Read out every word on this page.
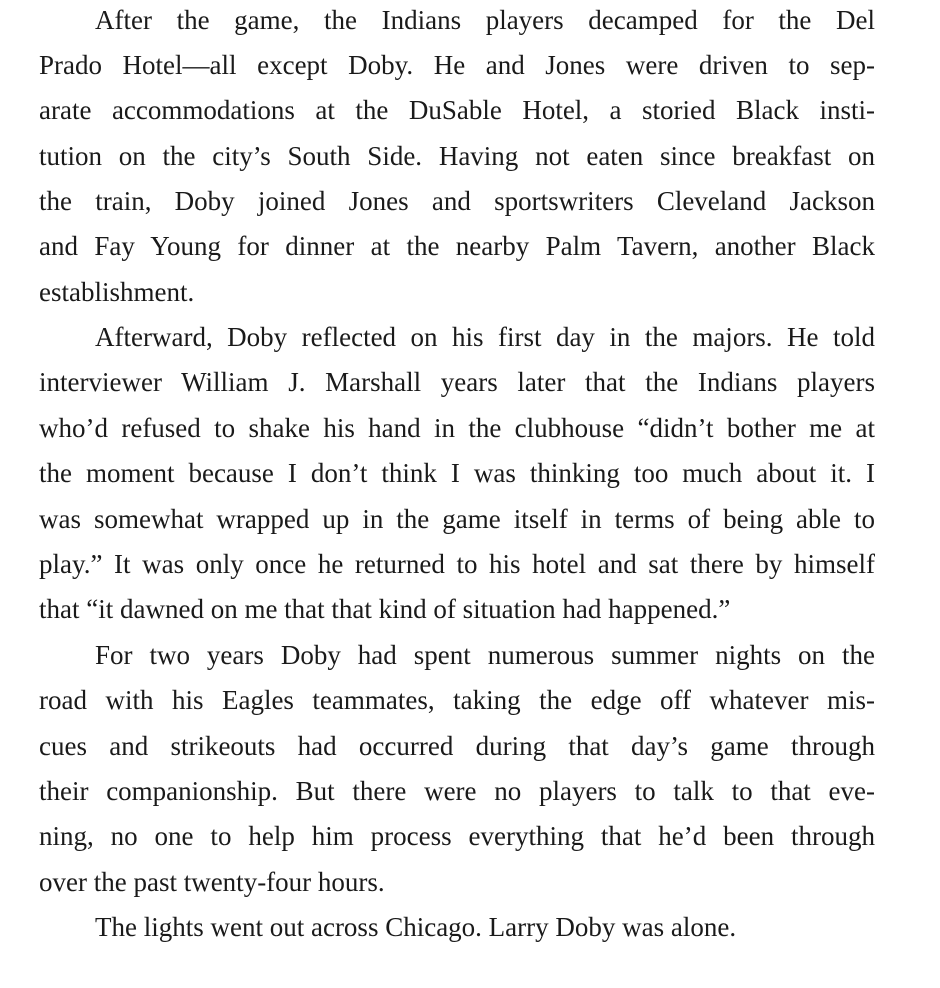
After the game, the Indians players decamped for the Del
Prado Hotel—all except Doby. He and Jones were driven to sep-
arate accommodations at the DuSable Hotel, a storied Black insti-
tution on the city’s South Side. Having not eaten since breakfast on
the train, Doby joined Jones and sportswriters Cleveland Jackson
and Fay Young for dinner at the nearby Palm Tavern, another Black
establishment.
Afterward, Doby reflected on his first day in the majors. He told
interviewer William J. Marshall years later that the Indians players
who’d refused to shake his hand in the clubhouse “didn’t bother me at
the moment because I don’t think I was thinking too much about it. I
was somewhat wrapped up in the game itself in terms of being able to
play.” It was only once he returned to his hotel and sat there by himself
that “it dawned on me that that kind of situation had happened.”
For two years Doby had spent numerous summer nights on the
road with his Eagles teammates, taking the edge off whatever mis-
cues and strikeouts had occurred during that day’s game through
their companionship. But there were no players to talk to that eve-
ning, no one to help him process everything that he’d been through
over the past twenty-four hours.
The lights went out across Chicago. Larry Doby was alone.
